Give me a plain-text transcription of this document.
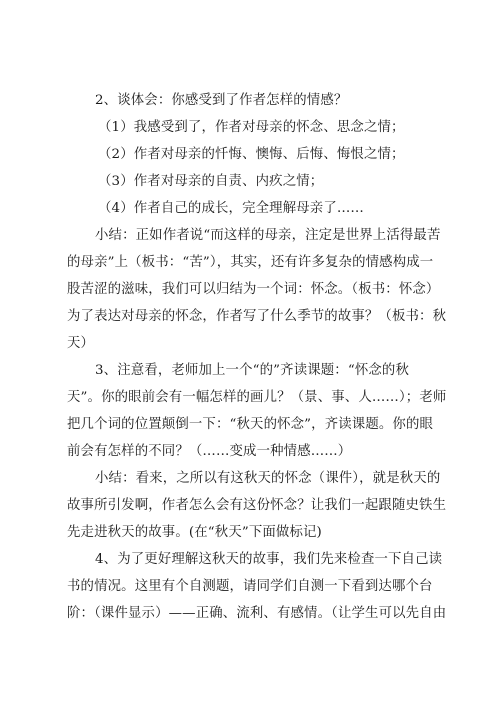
2、谈体会：你感受到了作者怎样的情感？
（1）我感受到了，作者对母亲的怀念、思念之情；
（2）作者对母亲的忏悔、懊悔、后悔、悔恨之情；
（3）作者对母亲的自责、内疚之情；
（4）作者自己的成长，完全理解母亲了……
小结：正如作者说“而这样的母亲，注定是世界上活得最苦
的母亲”上（板书：“苦”），其实，还有许多复杂的情感构成一
股苦涩的滋味，我们可以归结为一个词：怀念。（板书：怀念）
为了表达对母亲的怀念，作者写了什么季节的故事？（板书：秋
天）
3、注意看，老师加上一个“的”齐读课题：“怀念的秋
天”。你的眼前会有一幅怎样的画儿？（景、事、人……）；老师
把几个词的位置颠倒一下：“秋天的怀念”，齐读课题。你的眼
前会有怎样的不同？（……变成一种情感……）
小结：看来，之所以有这秋天的怀念（课件），就是秋天的
故事所引发啊，作者怎么会有这份怀念？让我们一起跟随史铁生
先走进秋天的故事。(在“秋天”下面做标记)
4、为了更好理解这秋天的故事，我们先来检查一下自己读
书的情况。这里有个自测题，请同学们自测一下看到达哪个台
阶：（课件显示）——正确、流利、有感情。（让学生可以先自由
